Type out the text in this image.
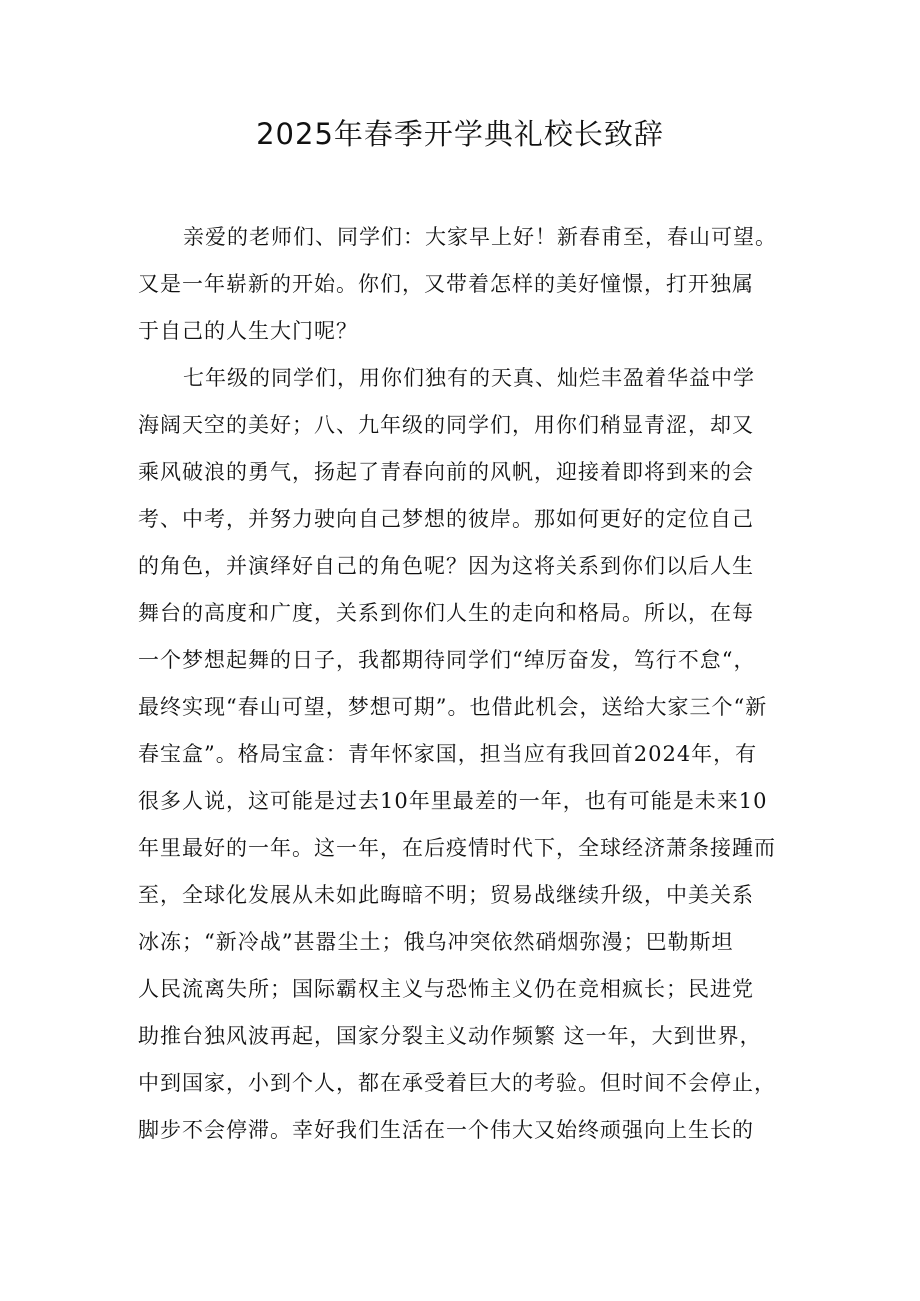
2025年春季开学典礼校长致辞
亲爱的老师们、同学们：大家早上好！新春甫至，春山可望。
又是一年崭新的开始。你们，又带着怎样的美好憧憬，打开独属
于自己的人生大门呢？
七年级的同学们，用你们独有的天真、灿烂丰盈着华益中学
海阔天空的美好；八、九年级的同学们，用你们稍显青涩，却又
乘风破浪的勇气，扬起了青春向前的风帆，迎接着即将到来的会
考、中考，并努力驶向自己梦想的彼岸。那如何更好的定位自己
的角色，并演绎好自己的角色呢？因为这将关系到你们以后人生
舞台的高度和广度，关系到你们人生的走向和格局。所以，在每
一个梦想起舞的日子，我都期待同学们“绰厉奋发，笃行不怠“，
最终实现“春山可望，梦想可期”。也借此机会，送给大家三个“新
春宝盒”。格局宝盒：青年怀家国，担当应有我回首2024年，有
很多人说，这可能是过去10年里最差的一年，也有可能是未来10
年里最好的一年。这一年，在后疫情时代下，全球经济萧条接踵而
至，全球化发展从未如此晦暗不明；贸易战继续升级，中美关系
冰冻；“新冷战”甚嚣尘土；俄乌冲突依然硝烟弥漫；巴勒斯坦
人民流离失所；国际霸权主义与恐怖主义仍在竞相疯长；民进党
助推台独风波再起，国家分裂主义动作频繁 这一年，大到世界，
中到国家，小到个人，都在承受着巨大的考验。但时间不会停止，
脚步不会停滞。幸好我们生活在一个伟大又始终顽强向上生长的
